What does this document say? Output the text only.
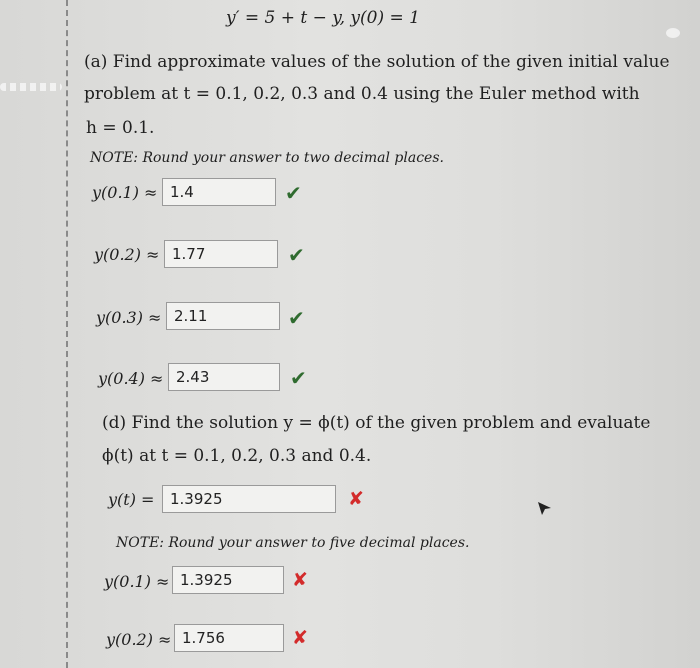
y′ = 5 + t − y, y(0) = 1
(a) Find approximate values of the solution of the given initial value
problem at t = 0.1, 0.2, 0.3 and 0.4 using the Euler method with
h = 0.1.
NOTE: Round your answer to two decimal places.
y(0.1) ≈ 1.4	✔
y(0.2) ≈ 1.77	✔
y(0.3) ≈ 2.11	✔
y(0.4) ≈ 2.43	✔
(d) Find the solution y = ϕ(t) of the given problem and evaluate
ϕ(t) at t = 0.1, 0.2, 0.3 and 0.4.
y(t) =	1.3925	✘
NOTE: Round your answer to five decimal places.
y(0.1) ≈ 1.3925	✘
y(0.2) ≈ 1.756	✘
